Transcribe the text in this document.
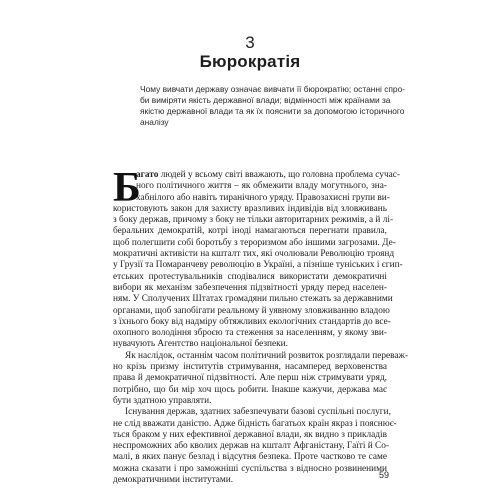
3
Бюрократія
Чому вивчати державу означає вивчати її бюрократію; останні спро-
би виміряти якість державної влади; відмінності між країнами за
якістю державної влади та як їх пояснити за допомогою історичного
аналізу
Б
агато людей у всьому світі вважають, що головна проблема сучас-
ного політичного життя – як обмежити владу могутнього, зна-
хабнілого або навіть тиранічного уряду. Правозахисні групи ви-
користовують закон для захисту вразливих індивідів від зловживань
з боку держав, причому з боку не тільки авторитарних режимів, а й лі-
беральних демократій, котрі іноді намагаються перегнати правила,
щоб полегшити собі боротьбу з тероризмом або іншими загрозами. Де-
мократичні активісти на кшталт тих, які очолювали Революцію троянд
у Грузії та Помаранчеву революцію в Україні, а пізніше туніських і єгип-
етських протестувальників сподівалися використати демократичні
вибори як механізм забезпечення підзвітності уряду перед населен-
ням. У Сполучених Штатах громадяни пильно стежать за державними
органами, щоб запобігати реальному й уявному зловживанню владою
з їхнього боку від надміру обтяжливих екологічних стандартів до все-
охопного володіння зброєю та стеження за населенням, у якому зви-
нувачують Агентство національної безпеки.
Як наслідок, останнім часом політичний розвиток розглядали переваж-
но крізь призму інститутів стримування, насамперед верховенства
права й демократичної підзвітності. Але перш ніж стримувати уряд,
потрібно, що би мір хоч щось робити. Інакше кажучи, держава має
бути здатною управляти.
Існування держав, здатних забезпечувати базові суспільні послуги,
не слід вважати даністю. Адже бідність багатьох країн якраз і пояснює-
ться браком у них ефективної державної влади, як видно з прикладів
неспроможних або кволих держав на кшталт Афганістану, Гаїті й Со-
малі, в яких панує безлад і відсутня безпека. Проте частково те саме
можна сказати і про заможніші суспільства з відносно розвиненими
демократичними інститутами.
59
